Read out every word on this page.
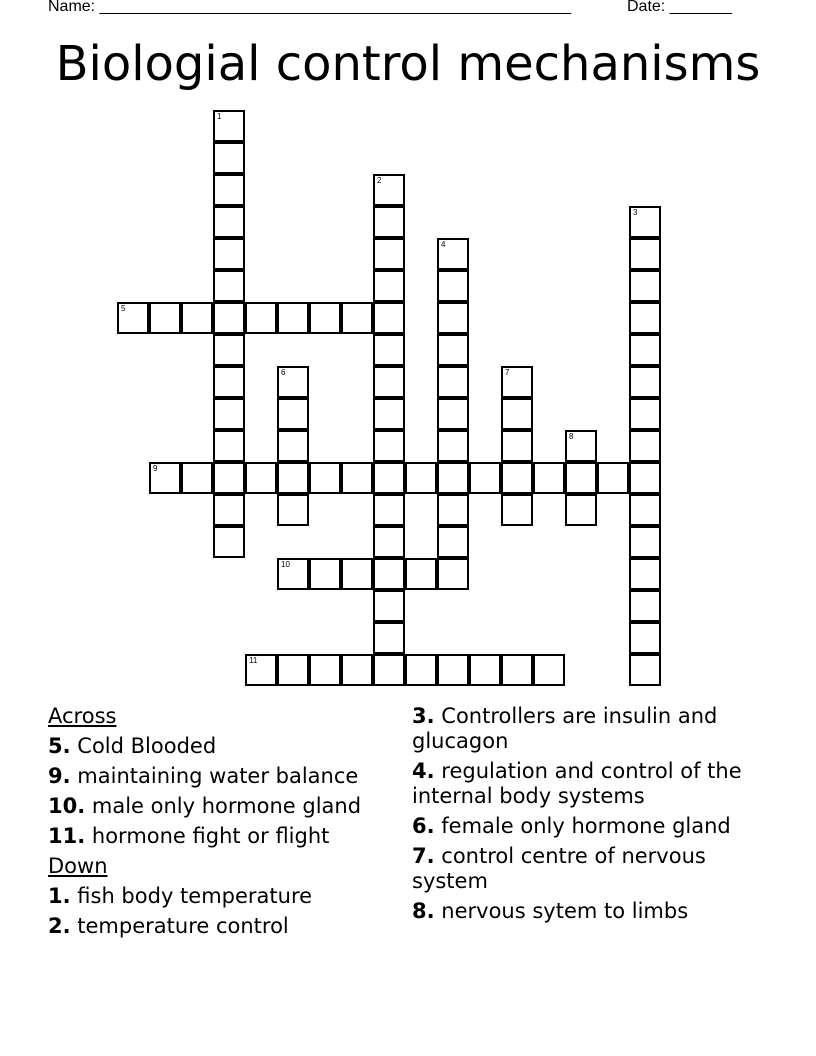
Name: _____________________________________________________	Date: _______
Biologial control mechanisms
1
2
3
4
5
6	7
8
9
10
11
Across
5. Cold Blooded
9. maintaining water balance
10. male only hormone gland
11. hormone fight or flight
Down
1. fish body temperature
2. temperature control
3. Controllers are insulin and glucagon
4. regulation and control of the internal body systems
6. female only hormone gland
7. control centre of nervous system
8. nervous sytem to limbs
